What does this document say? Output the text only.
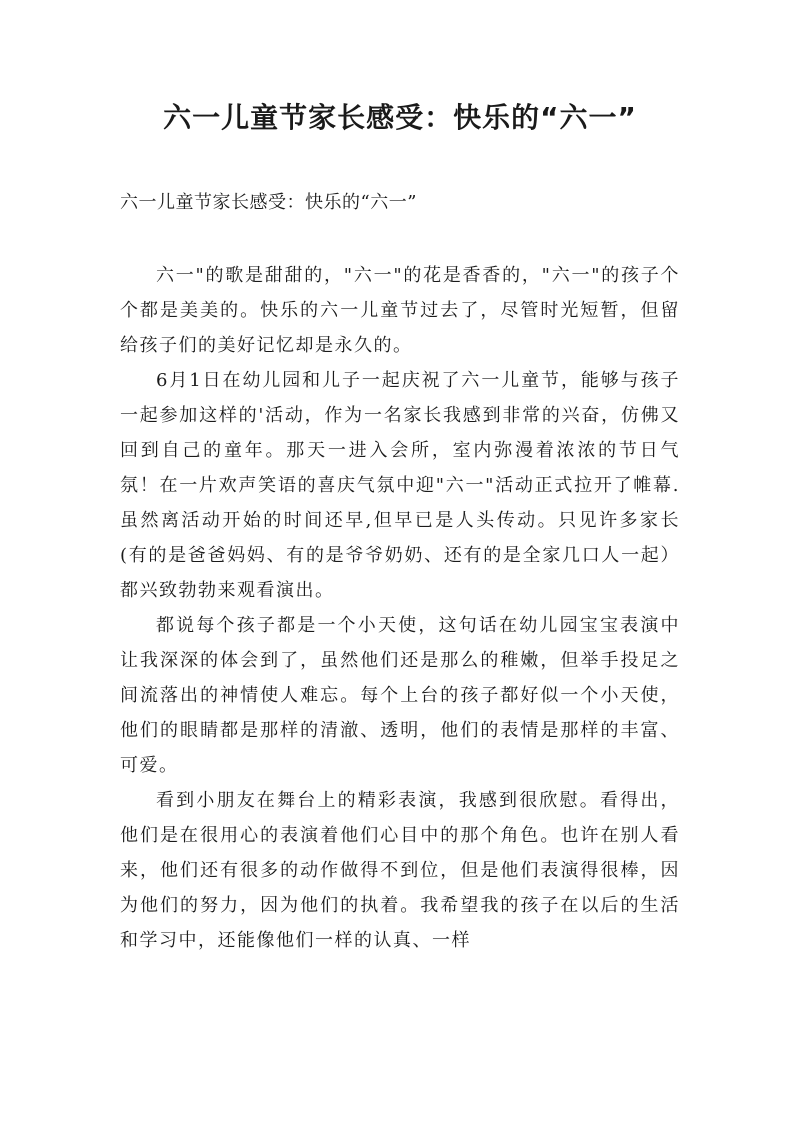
六一儿童节家长感受：快乐的“六一”

六一儿童节家长感受：快乐的“六一”

六一"的歌是甜甜的，"六一"的花是香香的，"六一"的孩子个个都是美美的。快乐的六一儿童节过去了，尽管时光短暂，但留给孩子们的美好记忆却是永久的。

6月1日在幼儿园和儿子一起庆祝了六一儿童节，能够与孩子一起参加这样的'活动，作为一名家长我感到非常的兴奋，仿佛又回到自己的童年。那天一进入会所，室内弥漫着浓浓的节日气氛！在一片欢声笑语的喜庆气氛中迎"六一"活动正式拉开了帷幕.虽然离活动开始的时间还早,但早已是人头传动。只见许多家长(有的是爸爸妈妈、有的是爷爷奶奶、还有的是全家几口人一起）都兴致勃勃来观看演出。

都说每个孩子都是一个小天使，这句话在幼儿园宝宝表演中让我深深的体会到了，虽然他们还是那么的稚嫩，但举手投足之间流落出的神情使人难忘。每个上台的孩子都好似一个小天使，他们的眼睛都是那样的清澈、透明，他们的表情是那样的丰富、可爱。

看到小朋友在舞台上的精彩表演，我感到很欣慰。看得出，他们是在很用心的表演着他们心目中的那个角色。也许在别人看来，他们还有很多的动作做得不到位，但是他们表演得很棒，因为他们的努力，因为他们的执着。我希望我的孩子在以后的生活和学习中，还能像他们一样的认真、一样
